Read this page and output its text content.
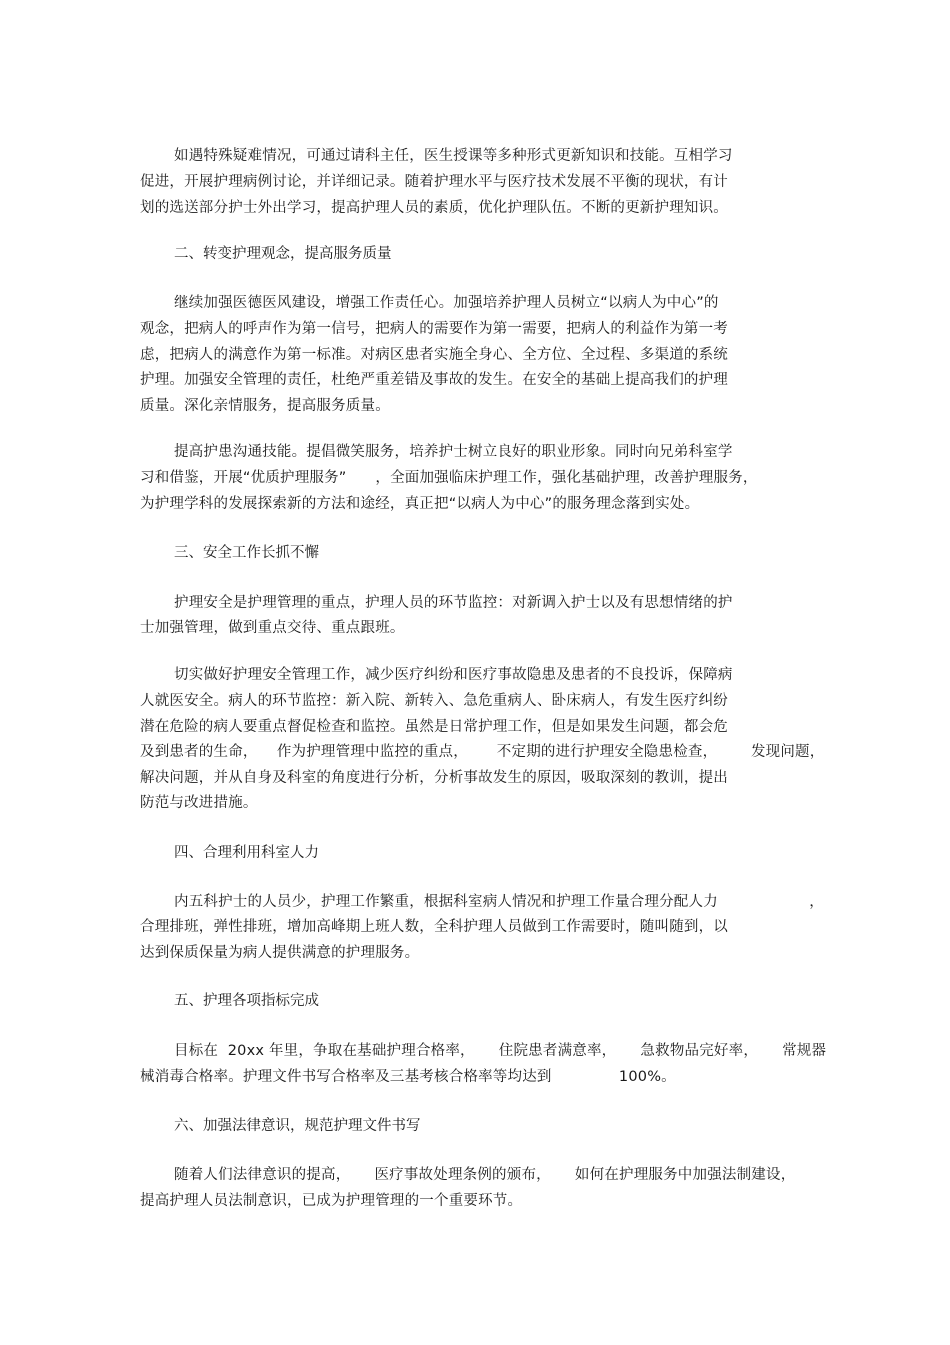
如遇特殊疑难情况，可通过请科主任，医生授课等多种形式更新知识和技能。互相学习
促进，开展护理病例讨论，并详细记录。随着护理水平与医疗技术发展不平衡的现状，有计
划的选送部分护士外出学习，提高护理人员的素质，优化护理队伍。不断的更新护理知识。
二、转变护理观念，提高服务质量
继续加强医德医风建设，增强工作责任心。加强培养护理人员树立“以病人为中心”的
观念，把病人的呼声作为第一信号，把病人的需要作为第一需要，把病人的利益作为第一考
虑，把病人的满意作为第一标准。对病区患者实施全身心、全方位、全过程、多渠道的系统
护理。加强安全管理的责任，杜绝严重差错及事故的发生。在安全的基础上提高我们的护理
质量。深化亲情服务，提高服务质量。
提高护患沟通技能。提倡微笑服务，培养护士树立良好的职业形象。同时向兄弟科室学
习和借鉴，开展“优质护理服务”      ，全面加强临床护理工作，强化基础护理，改善护理服务，
为护理学科的发展探索新的方法和途经，真正把“以病人为中心”的服务理念落到实处。
三、安全工作长抓不懈
护理安全是护理管理的重点，护理人员的环节监控：对新调入护士以及有思想情绪的护
士加强管理，做到重点交待、重点跟班。
切实做好护理安全管理工作，减少医疗纠纷和医疗事故隐患及患者的不良投诉，保障病
人就医安全。病人的环节监控：新入院、新转入、急危重病人、卧床病人，有发生医疗纠纷
潜在危险的病人要重点督促检查和监控。虽然是日常护理工作，但是如果发生问题，都会危
及到患者的生命，    作为护理管理中监控的重点，      不定期的进行护理安全隐患检查，       发现问题，
解决问题，并从自身及科室的角度进行分析，分析事故发生的原因，吸取深刻的教训，提出
防范与改进措施。
四、合理利用科室人力
内五科护士的人员少，护理工作繁重，根据科室病人情况和护理工作量合理分配人力                   ，
合理排班，弹性排班，增加高峰期上班人数，全科护理人员做到工作需要时，随叫随到，以
达到保质保量为病人提供满意的护理服务。
五、护理各项指标完成
目标在  20xx 年里，争取在基础护理合格率，     住院患者满意率，     急救物品完好率，     常规器
械消毒合格率。护理文件书写合格率及三基考核合格率等均达到              100%。
六、加强法律意识，规范护理文件书写
随着人们法律意识的提高，     医疗事故处理条例的颁布，     如何在护理服务中加强法制建设，
提高护理人员法制意识，已成为护理管理的一个重要环节。
